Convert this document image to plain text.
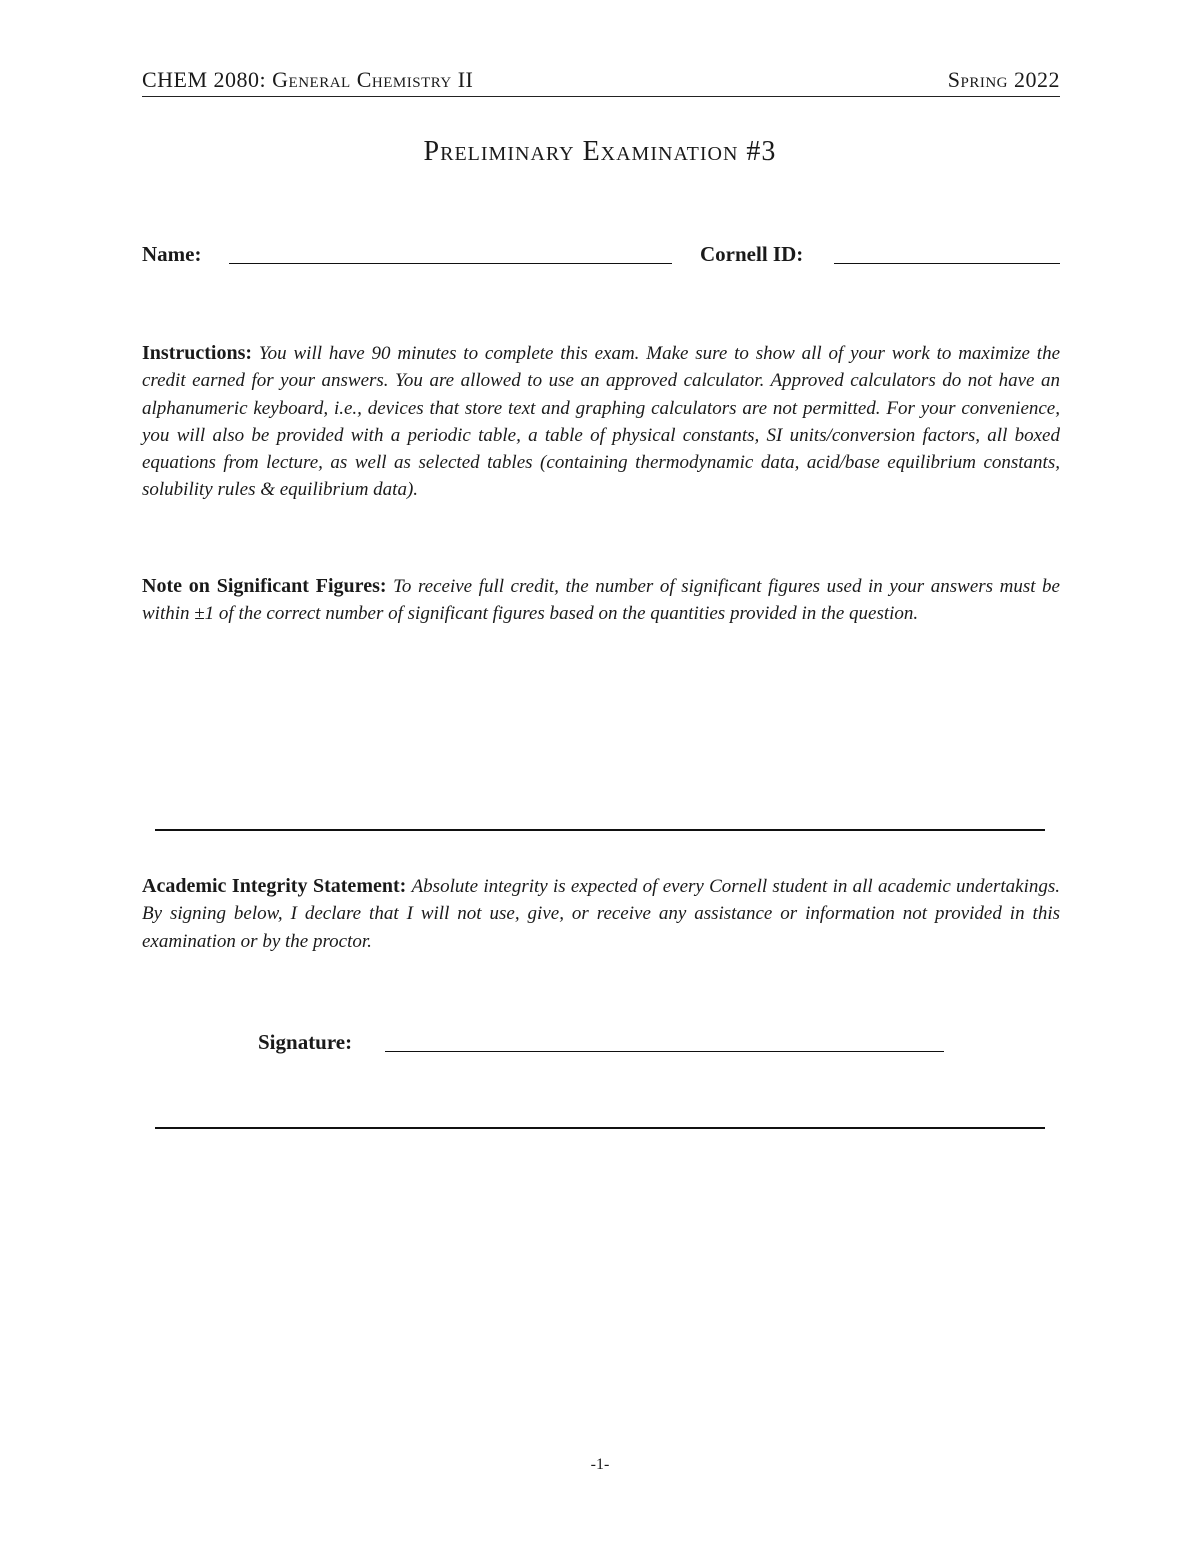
CHEM 2080: General Chemistry II	Spring 2022
Preliminary Examination #3
Name:	Cornell ID:
Instructions: You will have 90 minutes to complete this exam. Make sure to show all of your work to maximize the credit earned for your answers. You are allowed to use an approved calculator. Approved calculators do not have an alphanumeric keyboard, i.e., devices that store text and graphing calculators are not permitted. For your convenience, you will also be provided with a periodic table, a table of physical constants, SI units/conversion factors, all boxed equations from lecture, as well as selected tables (containing thermodynamic data, acid/base equilibrium constants, solubility rules & equilibrium data).
Note on Significant Figures: To receive full credit, the number of significant figures used in your answers must be within ±1 of the correct number of significant figures based on the quantities provided in the question.
Academic Integrity Statement: Absolute integrity is expected of every Cornell student in all academic undertakings. By signing below, I declare that I will not use, give, or receive any assistance or information not provided in this examination or by the proctor.
Signature:
-1-
